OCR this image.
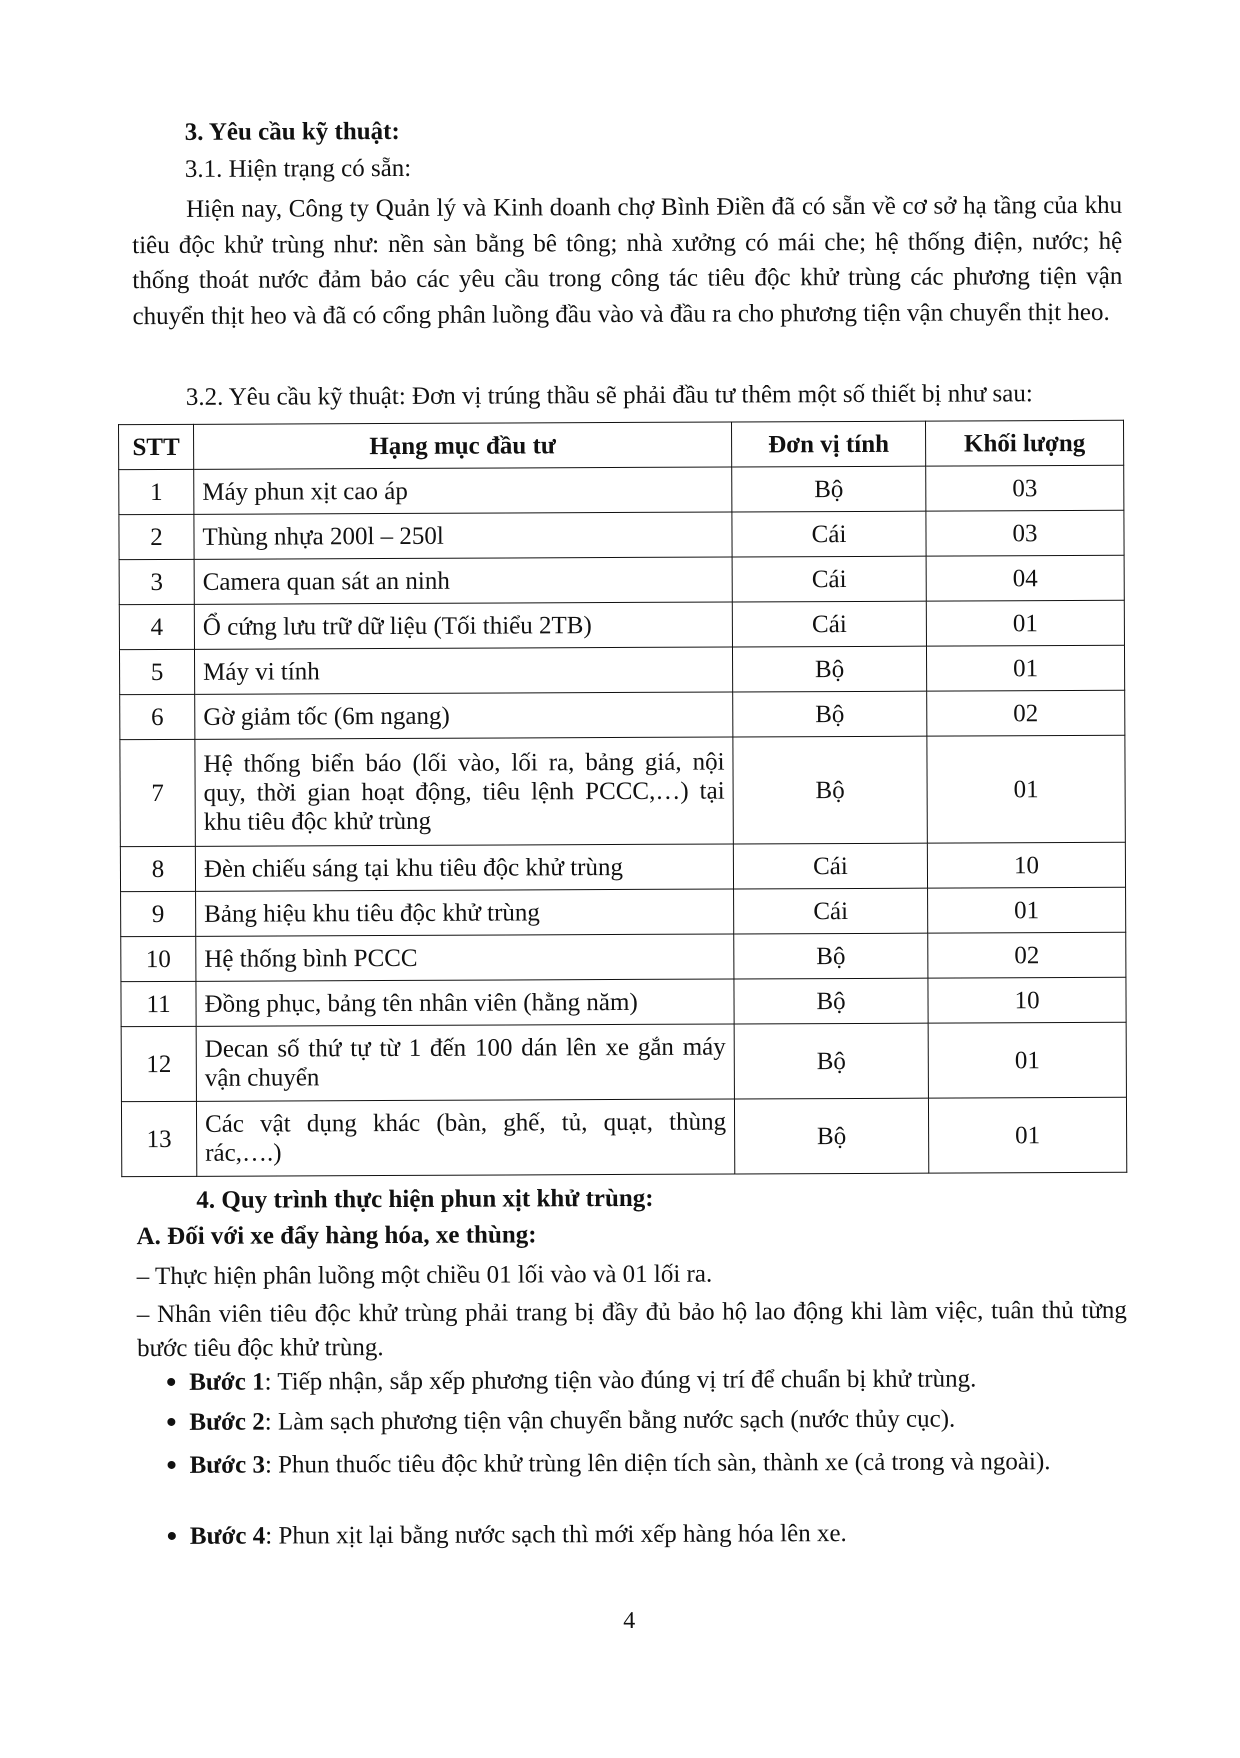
3. Yêu cầu kỹ thuật:
3.1. Hiện trạng có sẵn:
Hiện nay, Công ty Quản lý và Kinh doanh chợ Bình Điền đã có sẵn về cơ sở hạ tầng của khu tiêu độc khử trùng như: nền sàn bằng bê tông; nhà xưởng có mái che; hệ thống điện, nước; hệ thống thoát nước đảm bảo các yêu cầu trong công tác tiêu độc khử trùng các phương tiện vận chuyển thịt heo và đã có cổng phân luồng đầu vào và đầu ra cho phương tiện vận chuyển thịt heo.
3.2. Yêu cầu kỹ thuật: Đơn vị trúng thầu sẽ phải đầu tư thêm một số thiết bị như sau:
STT	Hạng mục đầu tư	Đơn vị tính	Khối lượng
1	Máy phun xịt cao áp	Bộ	03
2	Thùng nhựa 200l – 250l	Cái	03
3	Camera quan sát an ninh	Cái	04
4	Ổ cứng lưu trữ dữ liệu (Tối thiểu 2TB)	Cái	01
5	Máy vi tính	Bộ	01
6	Gờ giảm tốc (6m ngang)	Bộ	02
7	Hệ thống biển báo (lối vào, lối ra, bảng giá, nội quy, thời gian hoạt động, tiêu lệnh PCCC,…) tại khu tiêu độc khử trùng	Bộ	01
8	Đèn chiếu sáng tại khu tiêu độc khử trùng	Cái	10
9	Bảng hiệu khu tiêu độc khử trùng	Cái	01
10	Hệ thống bình PCCC	Bộ	02
11	Đồng phục, bảng tên nhân viên (hằng năm)	Bộ	10
12	Decan số thứ tự từ 1 đến 100 dán lên xe gắn máy vận chuyển	Bộ	01
13	Các vật dụng khác (bàn, ghế, tủ, quạt, thùng rác,….)	Bộ	01
4. Quy trình thực hiện phun xịt khử trùng:
A. Đối với xe đẩy hàng hóa, xe thùng:
– Thực hiện phân luồng một chiều 01 lối vào và 01 lối ra.
– Nhân viên tiêu độc khử trùng phải trang bị đầy đủ bảo hộ lao động khi làm việc, tuân thủ từng bước tiêu độc khử trùng.
Bước 1: Tiếp nhận, sắp xếp phương tiện vào đúng vị trí để chuẩn bị khử trùng.
Bước 2: Làm sạch phương tiện vận chuyển bằng nước sạch (nước thủy cục).
Bước 3: Phun thuốc tiêu độc khử trùng lên diện tích sàn, thành xe (cả trong và ngoài).
Bước 4: Phun xịt lại bằng nước sạch thì mới xếp hàng hóa lên xe.
4
